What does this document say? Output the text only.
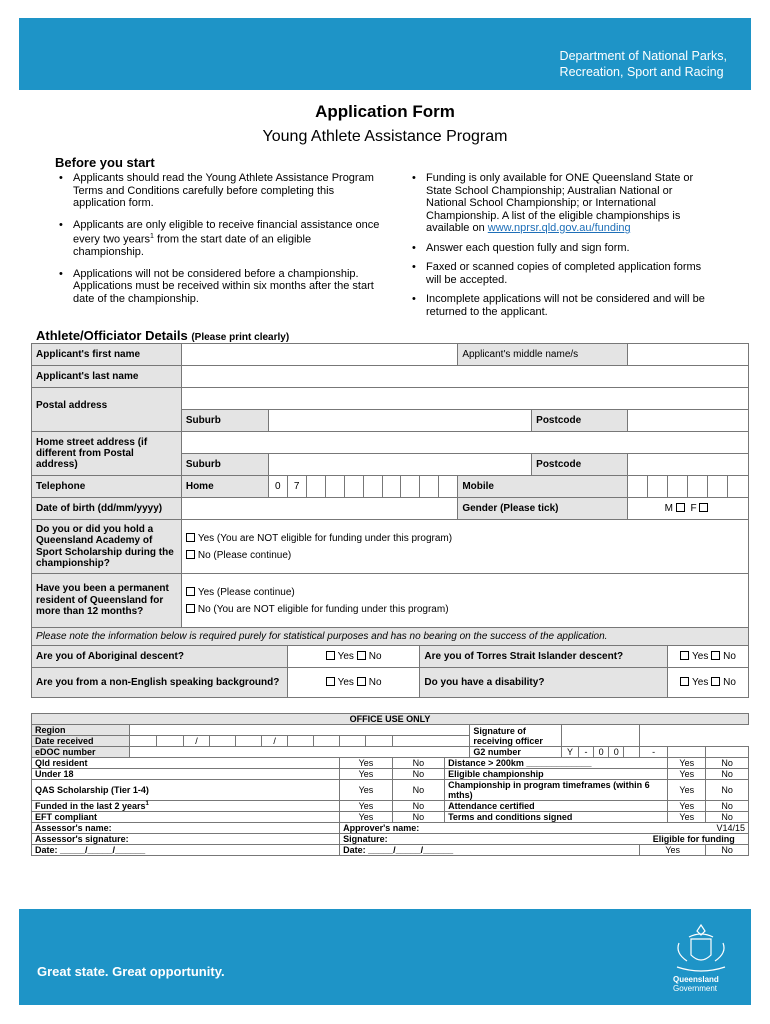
Department of National Parks,
Recreation, Sport and Racing
Application Form
Young Athlete Assistance Program
Before you start
• Applicants should read the Young Athlete Assistance Program Terms and Conditions carefully before completing this application form.
• Applicants are only eligible to receive financial assistance once every two years$^1$ from the start date of an eligible championship.
• Applications will not be considered before a championship. Applications must be received within six months after the start date of the championship.
• Funding is only available for ONE Queensland State or State School Championship; Australian National or National School Championship; or International Championship. A list of the eligible championships is available on www.nprsr.qld.gov.au/funding
• Answer each question fully and sign form.
• Faxed or scanned copies of completed application forms will be accepted.
• Incomplete applications will not be considered and will be returned to the applicant.
Athlete/Officiator Details (Please print clearly)
Applicant's first name												Applicant's middle name/s							
Applicant's last name																			
Postal address																			
	Suburb												Postcode						
Home street address (if different from Postal address)																			
	Suburb												Postcode						
Telephone	Home	0	7									Mobile							
Date of birth (dd/mm/yyyy)												Gender (Please tick)		M F					
Do you or did you hold a Queensland Academy of Sport Scholarship during the championship?	Yes (You are NOT eligible for funding under this program)
No (Please continue)																		

Have you been a permanent resident of Queensland for more than 12 months?	Yes (Please continue)
No (You are NOT eligible for funding under this program)																		

Please note the information below is required purely for statistical purposes and has no bearing on the success of the application.																			
Are you of Aboriginal descent?			Yes No							Are you of Torres Strait Islander descent?						Yes No			
Are you from a non-English speaking background?			Yes No							Do you have a disability?						Yes No			
OFFICE USE ONLY																					
Region													Signature of receiving officer								
Date received			/			/															
eDOC number													G2 number	Y	-	0	0		-		
Qld resident									Yes		No	Distance > 200km _____________								Yes	No
Under 18									Yes		No	Eligible championship								Yes	No
QAS Scholarship (Tier 1-4)									Yes		No	Championship in program timeframes (within 6 mths)								Yes	No
Funded in the last 2 years$^1$									Yes		No	Attendance certified								Yes	No
EFT compliant									Yes		No	Terms and conditions signed								Yes	No
Assessor's name:									Approver's name:										V14/15		
Assessor's signature:									Signature:										Eligible for funding		
Date: _____/_____/______									Date: _____/_____/______										Yes		No
Great state. Great opportunity.
Queensland
Government
